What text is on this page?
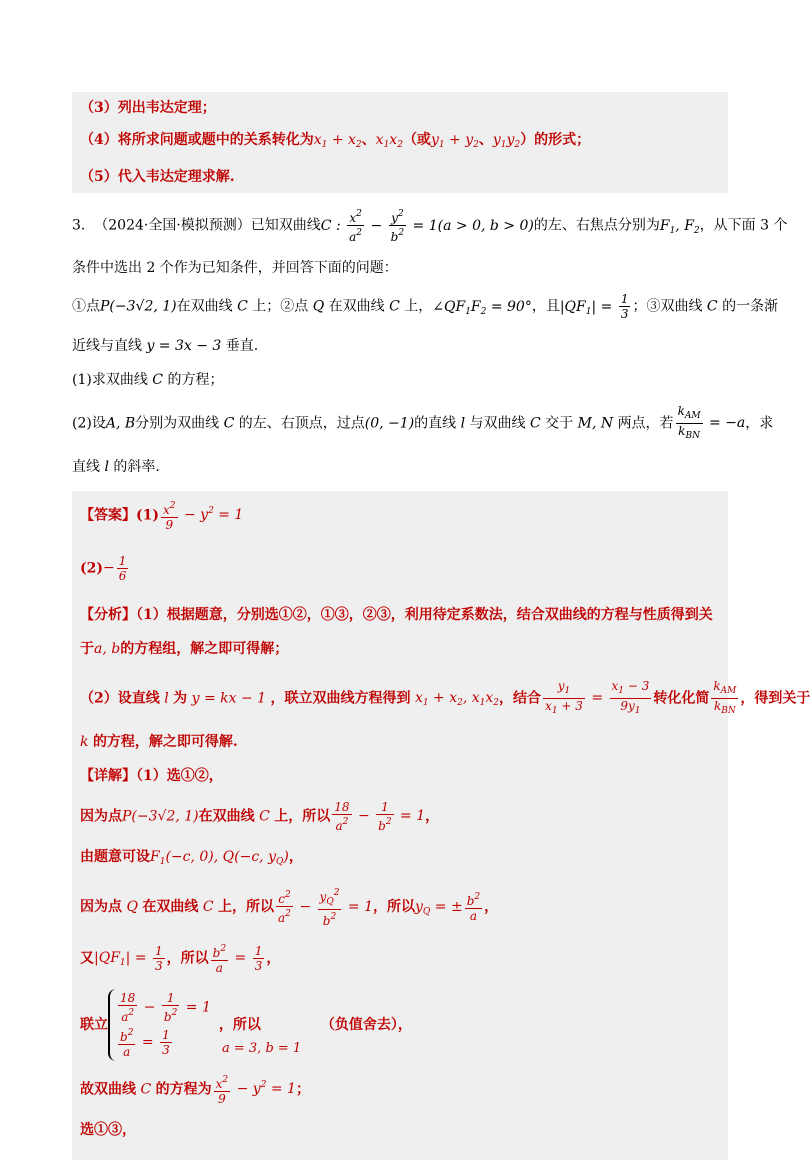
（3）列出韦达定理；
（4）将所求问题或题中的关系转化为$x_1 + x_2$、$x_1x_2$（或$y_1 + y_2$、$y_1y_2$）的形式；
（5）代入韦达定理求解.
3. （2024·全国·模拟预测）已知双曲线C : $\frac{x^2}{a^2} - \frac{y^2}{b^2} = 1(a > 0$, b > 0)的左、右焦点分别为$F_1$, $F_2$，从下面 3 个
条件中选出 2 个作为已知条件，并回答下面的问题：
①点P(−3√2, 1)在双曲线 C 上；②点 Q 在双曲线 C 上，$\angle QF_1F_2 = 90^\circ$，且$|QF_1| = \frac{1}{3}$ ；③双曲线 C 的一条渐
近线与直线 y = 3x − 3 垂直.
(1)求双曲线 C 的方程；
(2)设A, B分别为双曲线 C 的左、右顶点，过点(0, −1)的直线 l 与双曲线 C 交于 M, N 两点，若 $\frac{k_{AM}}{k_{BN}} = -a$，求
直线 l 的斜率.
【答案】$(1) \frac{x^2}{9} - y^2 = 1$
$(2)- \frac{1}{6}$
【分析】（1）根据题意，分别选①②，①③，②③，利用待定系数法，结合双曲线的方程与性质得到关
于a, b的方程组，解之即可得解；
（2）设直线 l 为 y = kx − 1 ，联立双曲线方程得到 $x_1 + x_2$, $x_1x_2$，结合 $\frac{y_1}{x_1 + 3} = \frac{x_1 - 3}{9y_1}$ 转化化简 $\frac{k_{AM}}{k_{BN}}$ ，得到关于
k 的方程，解之即可得解.
【详解】（1）选①②，
因为点P(−3√2, 1)在双曲线 C 上，所以 $\frac{18}{a^2} - \frac{1}{b^2} = 1$，
由题意可设$F_1(-c$, 0), Q(−c, $y_Q$)，
因为点 Q 在双曲线 C 上，所以 $\frac{c^2}{a^2} - \frac{y_Q^2}{b^2} = 1$，所以$y_Q$ = ± $\frac{b^2}{a}$ ，
又$|QF_1| = \frac{1}{3}$ ，所以 $\frac{b^2}{a} = \frac{1}{3}$ ，
联立
$\frac{18}{a^2} - \frac{1}{b^2} = 1$
$\frac{b^2}{a} = \frac{1}{3}$
，所以	（负值舍去），
a = 3, b = 1
故双曲线 C 的方程为 $\frac{x^2}{9} - y^2 = 1$；
选①③，
